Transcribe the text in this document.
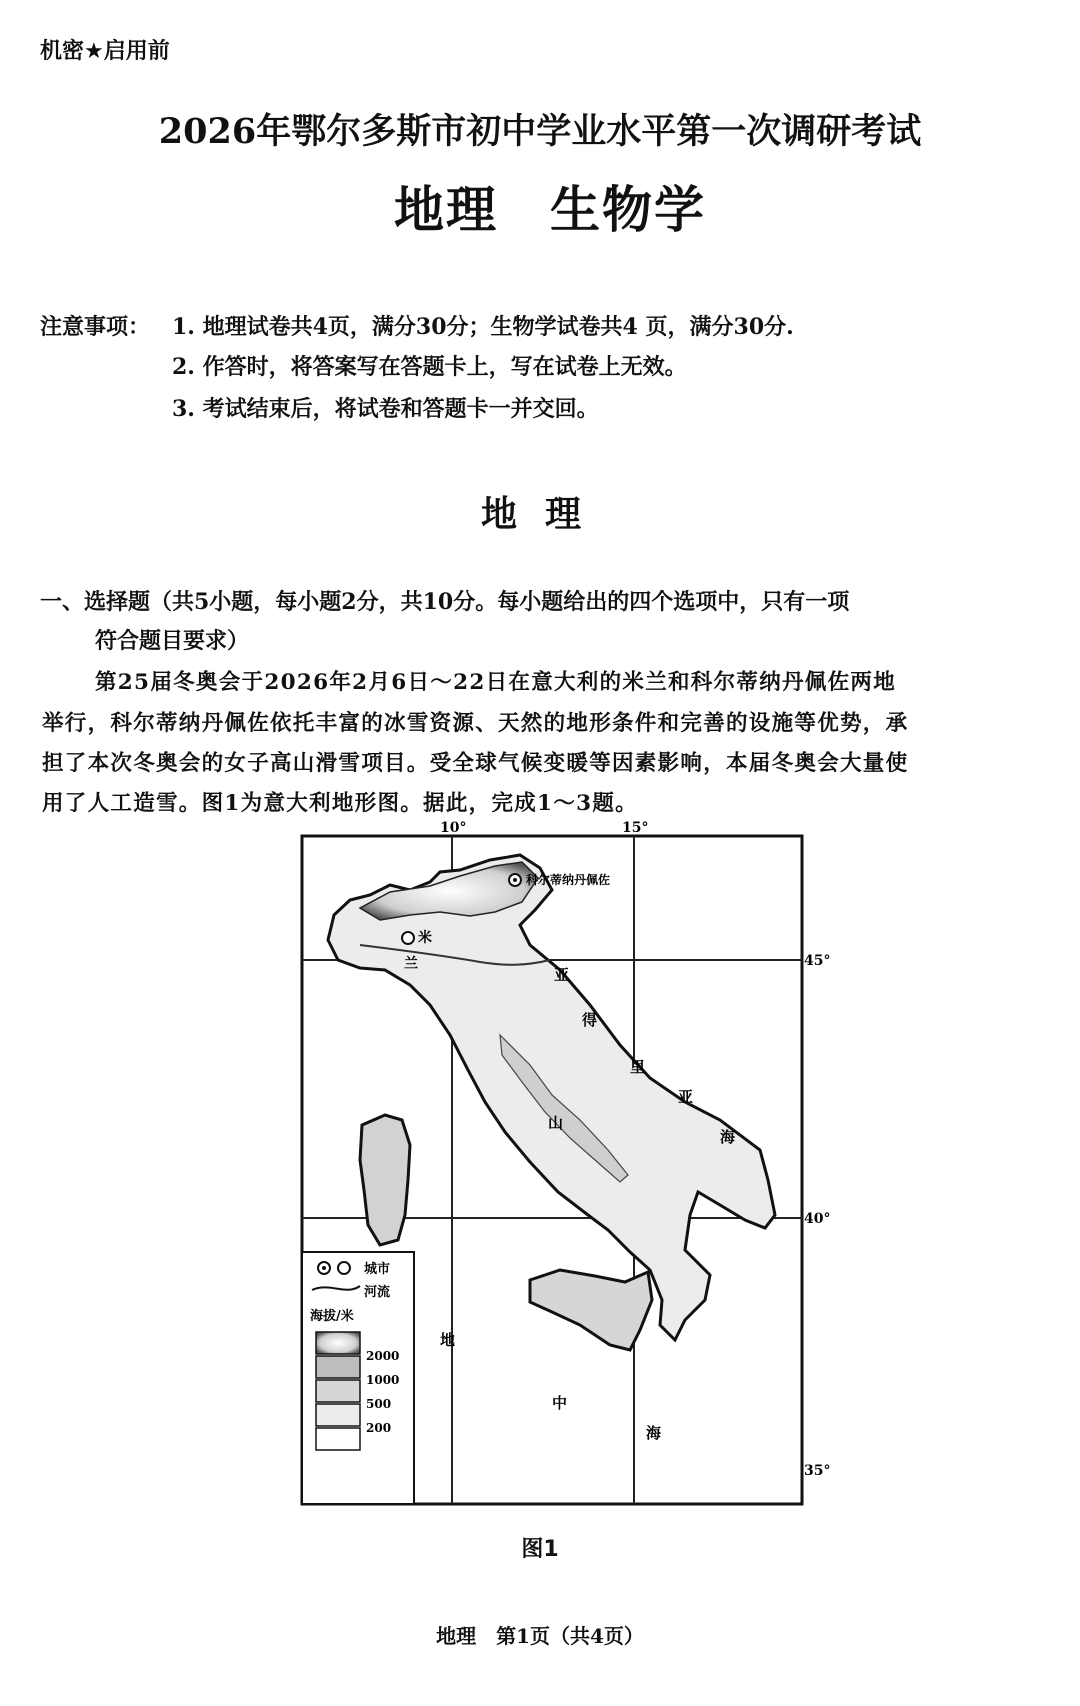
机密★启用前
2026年鄂尔多斯市初中学业水平第一次调研考试
地理　生物学
注意事项： 1. 地理试卷共4页，满分30分；生物学试卷共4 页，满分30分.
2. 作答时，将答案写在答题卡上，写在试卷上无效。
3. 考试结束后，将试卷和答题卡一并交回。
地理
一、选择题（共5小题，每小题2分，共10分。每小题给出的四个选项中，只有一项
符合题目要求）
第25届冬奥会于2026年2月6日～22日在意大利的米兰和科尔蒂纳丹佩佐两地
举行，科尔蒂纳丹佩佐依托丰富的冰雪资源、天然的地形条件和完善的设施等优势，承
担了本次冬奥会的女子高山滑雪项目。受全球气候变暖等因素影响，本届冬奥会大量使
用了人工造雪。图1为意大利地形图。据此，完成1～3题。
10°	15°
45°
40°
35°
科尔蒂纳丹佩佐
米
兰
亚
得
里
亚
海
山
地
中
海
城市
河流
海拔/米
2000
1000
500
200
图1
地理　第1页（共4页）
